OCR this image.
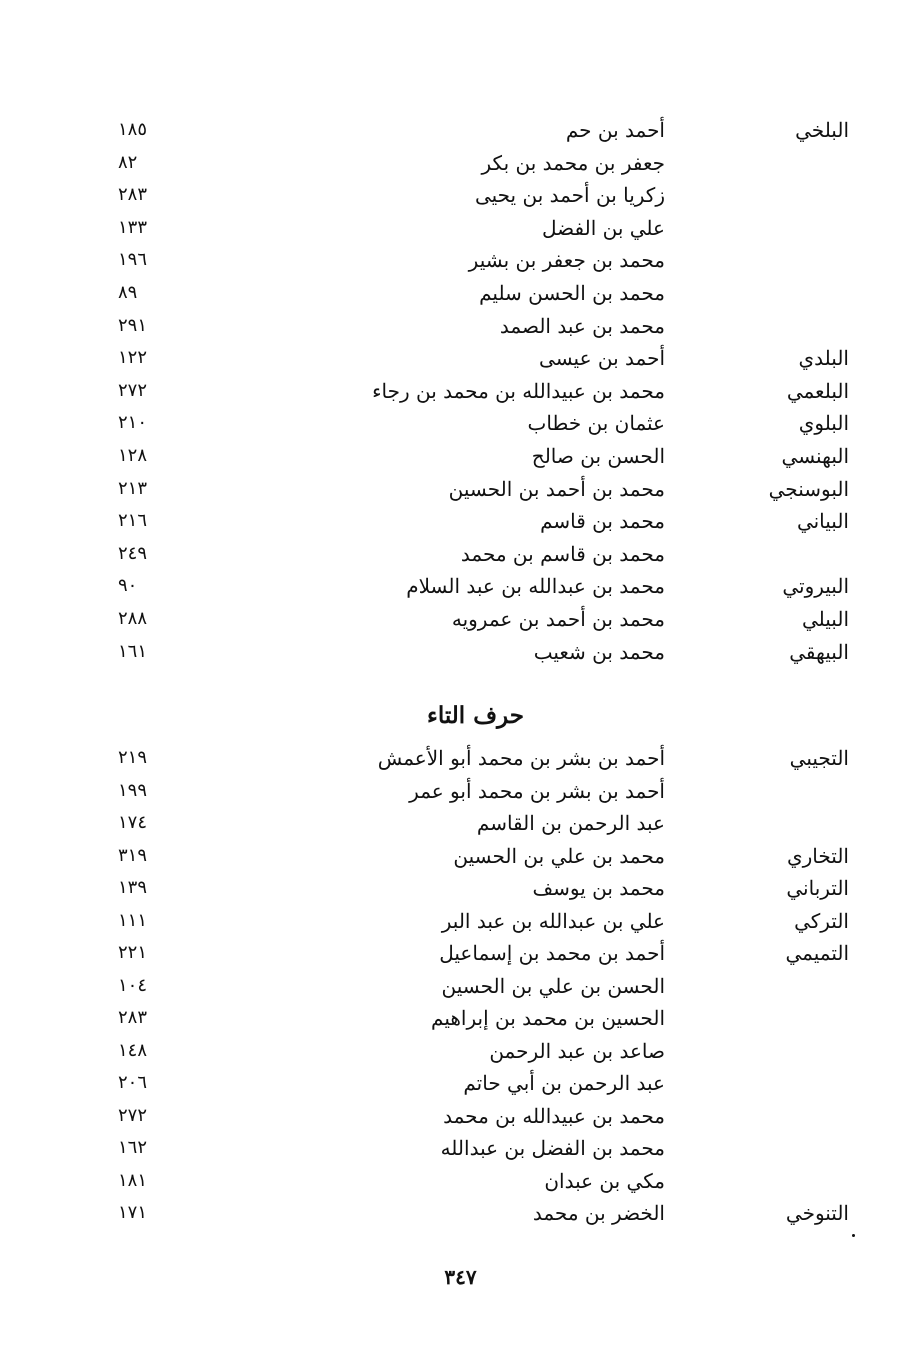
البلخي
أحمد بن حم
١٨٥
جعفر بن محمد بن بكر
٨٢
زكريا بن أحمد بن يحيى
٢٨٣
علي بن الفضل
١٣٣
محمد بن جعفر بن بشير
١٩٦
محمد بن الحسن سليم
٨٩
محمد بن عبد الصمد
٢٩١
البلدي
أحمد بن عيسى
١٢٢
البلعمي
محمد بن عبيدالله بن محمد بن رجاء
٢٧٢
البلوي
عثمان بن خطاب
٢١٠
البهنسي
الحسن بن صالح
١٢٨
البوسنجي
محمد بن أحمد بن الحسين
٢١٣
البياني
محمد بن قاسم
٢١٦
محمد بن قاسم بن محمد
٢٤٩
البيروتي
محمد بن عبدالله بن عبد السلام
٩٠
البيلي
محمد بن أحمد بن عمرويه
٢٨٨
البيهقي
محمد بن شعيب
١٦١
حرف التاء
التجيبي
أحمد بن بشر بن محمد أبو الأعمش
٢١٩
أحمد بن بشر بن محمد أبو عمر
١٩٩
عبد الرحمن بن القاسم
١٧٤
التخاري
محمد بن علي بن الحسين
٣١٩
الترباني
محمد بن يوسف
١٣٩
التركي
علي بن عبدالله بن عبد البر
١١١
التميمي
أحمد بن محمد بن إسماعيل
٢٢١
الحسن بن علي بن الحسين
١٠٤
الحسين بن محمد بن إبراهيم
٢٨٣
صاعد بن عبد الرحمن
١٤٨
عبد الرحمن بن أبي حاتم
٢٠٦
محمد بن عبيدالله بن محمد
٢٧٢
محمد بن الفضل بن عبدالله
١٦٢
مكي بن عبدان
١٨١
التنوخي
الخضر بن محمد
١٧١
٣٤٧
